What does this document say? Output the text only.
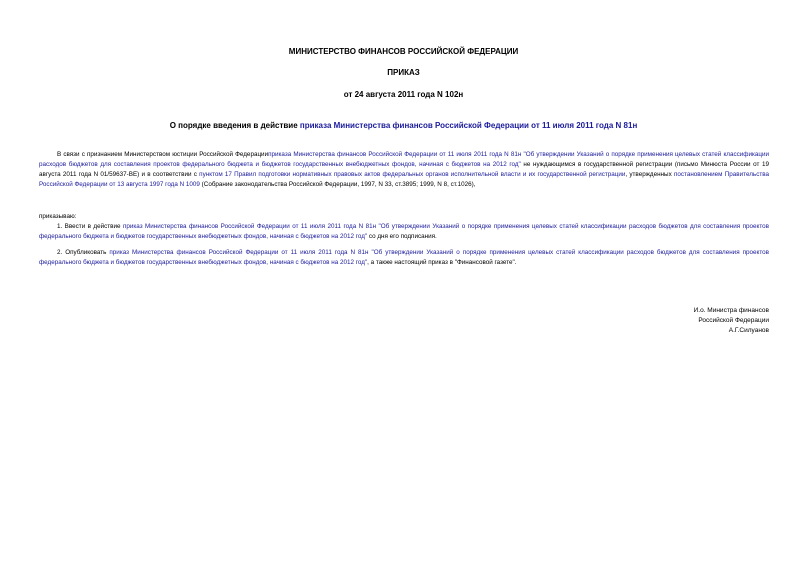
МИНИСТЕРСТВО ФИНАНСОВ РОССИЙСКОЙ ФЕДЕРАЦИИ
ПРИКАЗ
от 24 августа 2011 года N 102н
О порядке введения в действие приказа Министерства финансов Российской Федерации от 11 июля 2011 года N 81н
В связи с признанием Министерством юстиции Российской Федерацииприказа Министерства финансов Российской Федерации от 11 июля 2011 года N 81н "Об утверждении Указаний о порядке применения целевых статей классификации расходов бюджетов для составления проектов федерального бюджета и бюджетов государственных внебюджетных фондов, начиная с бюджетов на 2012 год" не нуждающимся в государственной регистрации (письмо Минюста России от 19 августа 2011 года N 01/59637-ВЕ) и в соответствии с пунктом 17 Правил подготовки нормативных правовых актов федеральных органов исполнительной власти и их государственной регистрации, утвержденных постановлением Правительства Российской Федерации от 13 августа 1997 года N 1009 (Собрание законодательства Российской Федерации, 1997, N 33, ст.3895; 1999, N 8, ст.1026),
приказываю:
1. Ввести в действие приказ Министерства финансов Российской Федерации от 11 июля 2011 года N 81н "Об утверждении Указаний о порядке применения целевых статей классификации расходов бюджетов для составления проектов федерального бюджета и бюджетов государственных внебюджетных фондов, начиная с бюджетов на 2012 год" со дня его подписания.
2. Опубликовать приказ Министерства финансов Российской Федерации от 11 июля 2011 года N 81н "Об утверждении Указаний о порядке применения целевых статей классификации расходов бюджетов для составления проектов федерального бюджета и бюджетов государственных внебюджетных фондов, начиная с бюджетов на 2012 год", а также настоящий приказ в "Финансовой газете".
И.о. Министра финансов
Российской Федерации
А.Г.Силуанов
